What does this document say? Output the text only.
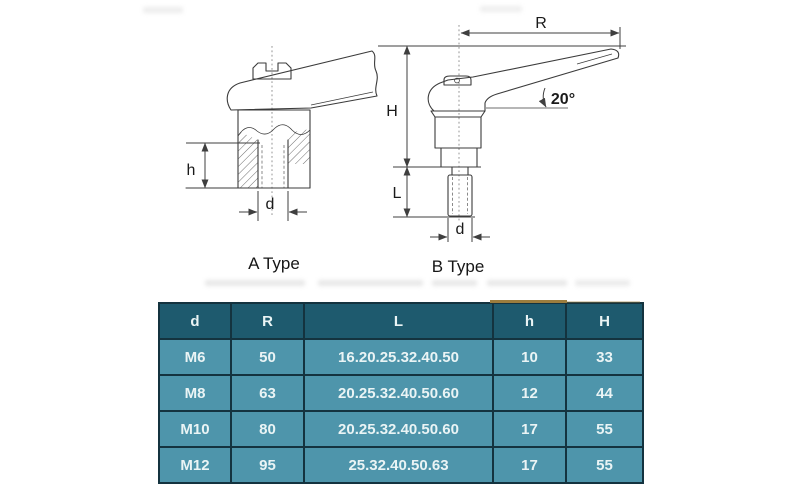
h
d
A Type
R
20°
H
L
d
B Type
d	R	L	h	H
M6	50	16.20.25.32.40.50	10	33
M8	63	20.25.32.40.50.60	12	44
M10	80	20.25.32.40.50.60	17	55
M12	95	25.32.40.50.63	17	55
